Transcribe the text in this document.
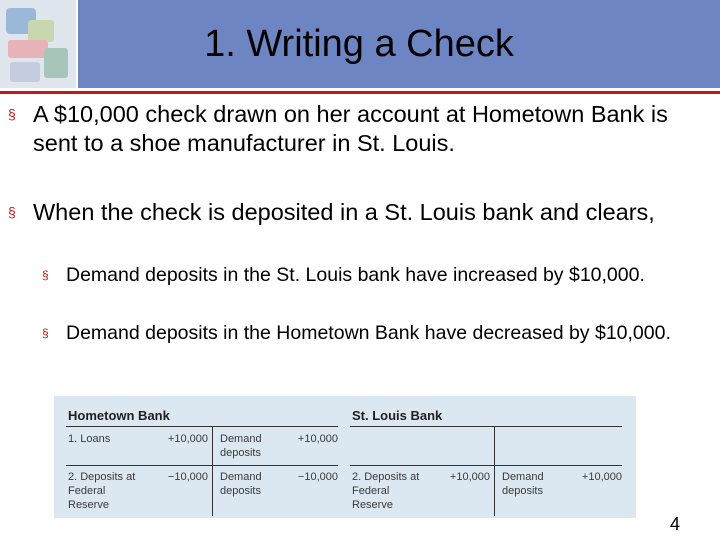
1. Writing a Check
§ A $10,000 check drawn on her account at Hometown Bank is sent to a shoe manufacturer in St. Louis.
§ When the check is deposited in a St. Louis bank and clears,
§ Demand deposits in the St. Louis bank have increased by $10,000.
§ Demand deposits in the Hometown Bank have decreased by $10,000.
Hometown Bank
1. Loans	+10,000 Demand deposits
+10,000
2. Deposits at Federal Reserve
−10,000 Demand deposits
−10,000
St. Louis Bank
2. Deposits at Federal Reserve
+10,000 Demand deposits
+10,000
4
